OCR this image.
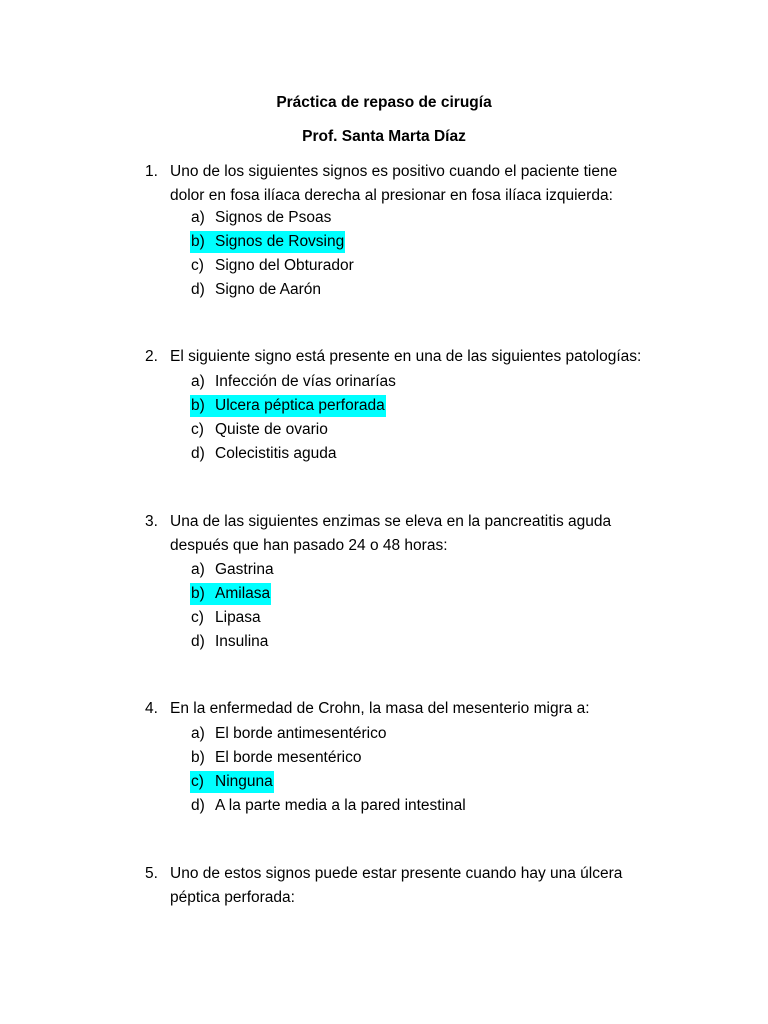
Práctica de repaso de cirugía
Prof. Santa Marta Díaz
1. Uno de los siguientes signos es positivo cuando el paciente tiene
dolor en fosa ilíaca derecha al presionar en fosa ilíaca izquierda:
a) Signos de Psoas
b) Signos de Rovsing
c) Signo del Obturador
d) Signo de Aarón
2. El siguiente signo está presente en una de las siguientes patologías:
a) Infección de vías orinarías
b) Ulcera péptica perforada
c) Quiste de ovario
d) Colecistitis aguda
3. Una de las siguientes enzimas se eleva en la pancreatitis aguda
después que han pasado 24 o 48 horas:
a) Gastrina
b) Amilasa
c) Lipasa
d) Insulina
4. En la enfermedad de Crohn, la masa del mesenterio migra a:
a) El borde antimesentérico
b) El borde mesentérico
c) Ninguna
d) A la parte media a la pared intestinal
5. Uno de estos signos puede estar presente cuando hay una úlcera
péptica perforada:
